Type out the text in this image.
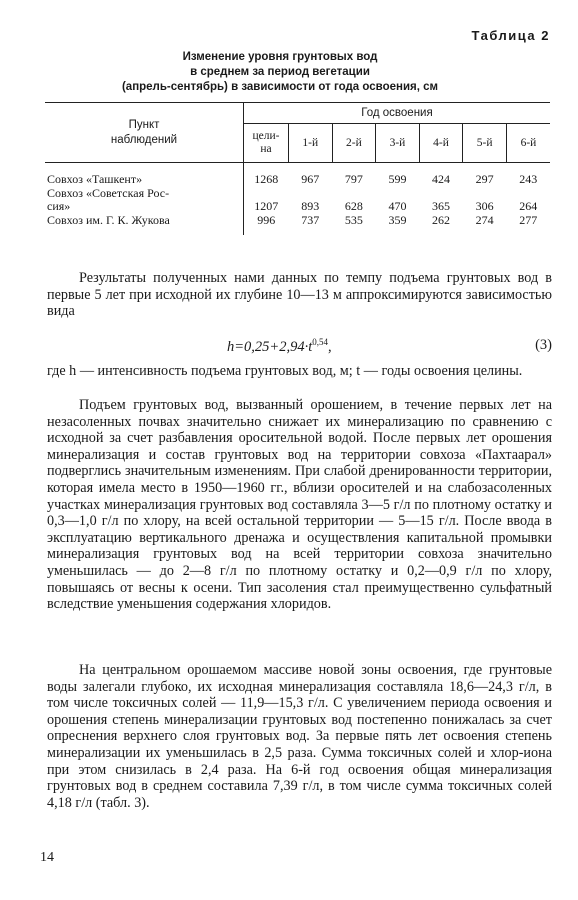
Таблица 2
Изменение уровня грунтовых вод
в среднем за период вегетации
(апрель-сентябрь) в зависимости от года освоения, см
Пункт
наблюдений	Год освоения						

	цели-
на	1-й	2-й	3-й	4-й	5-й	6-й
Совхоз «Ташкент»	1268	967	797	599	424	297	243

Совхоз «Советская Рос-
сия»	1207	893	628	470	365	306	264
Совхоз им. Г. К. Жукова	996	737	535	359	262	274	277
Результаты полученных нами данных по темпу подъема грунтовых вод в первые 5 лет при исходной их глубине 10—13 м аппроксимируются зависимостью вида
$h=0,25+2,94\cdot t^{0,54}$,	(3)
где h — интенсивность подъема грунтовых вод, м; t — годы освоения целины.
Подъем грунтовых вод, вызванный орошением, в течение первых лет на незасоленных почвах значительно снижает их минерализацию по сравнению с исходной за счет разбавления оросительной водой. После первых лет орошения минерализация и состав грунтовых вод на территории совхоза «Пахтаарал» подверглись значительным изменениям. При слабой дренированности территории, которая имела место в 1950—1960 гг., вблизи оросителей и на слабозасоленных участках минерализация грунтовых вод составляла 3—5 г/л по плотному остатку и 0,3—1,0 г/л по хлору, на всей остальной территории — 5—15 г/л. После ввода в эксплуатацию вертикального дренажа и осуществления капитальной промывки минерализация грунтовых вод на всей территории совхоза значительно уменьшилась — до 2—8 г/л по плотному остатку и 0,2—0,9 г/л по хлору, повышаясь от весны к осени. Тип засоления стал преимущественно сульфатный вследствие уменьшения содержания хлоридов.
На центральном орошаемом массиве новой зоны освоения, где грунтовые воды залегали глубоко, их исходная минерализация составляла 18,6—24,3 г/л, в том числе токсичных солей — 11,9—15,3 г/л. С увеличением периода освоения и орошения степень минерализации грунтовых вод постепенно понижалась за счет опреснения верхнего слоя грунтовых вод. За первые пять лет освоения степень минерализации их уменьшилась в 2,5 раза. Сумма токсичных солей и хлор-иона при этом снизилась в 2,4 раза. На 6-й год освоения общая минерализация грунтовых вод в среднем составила 7,39 г/л, в том числе сумма токсичных солей 4,18 г/л (табл. 3).
14
